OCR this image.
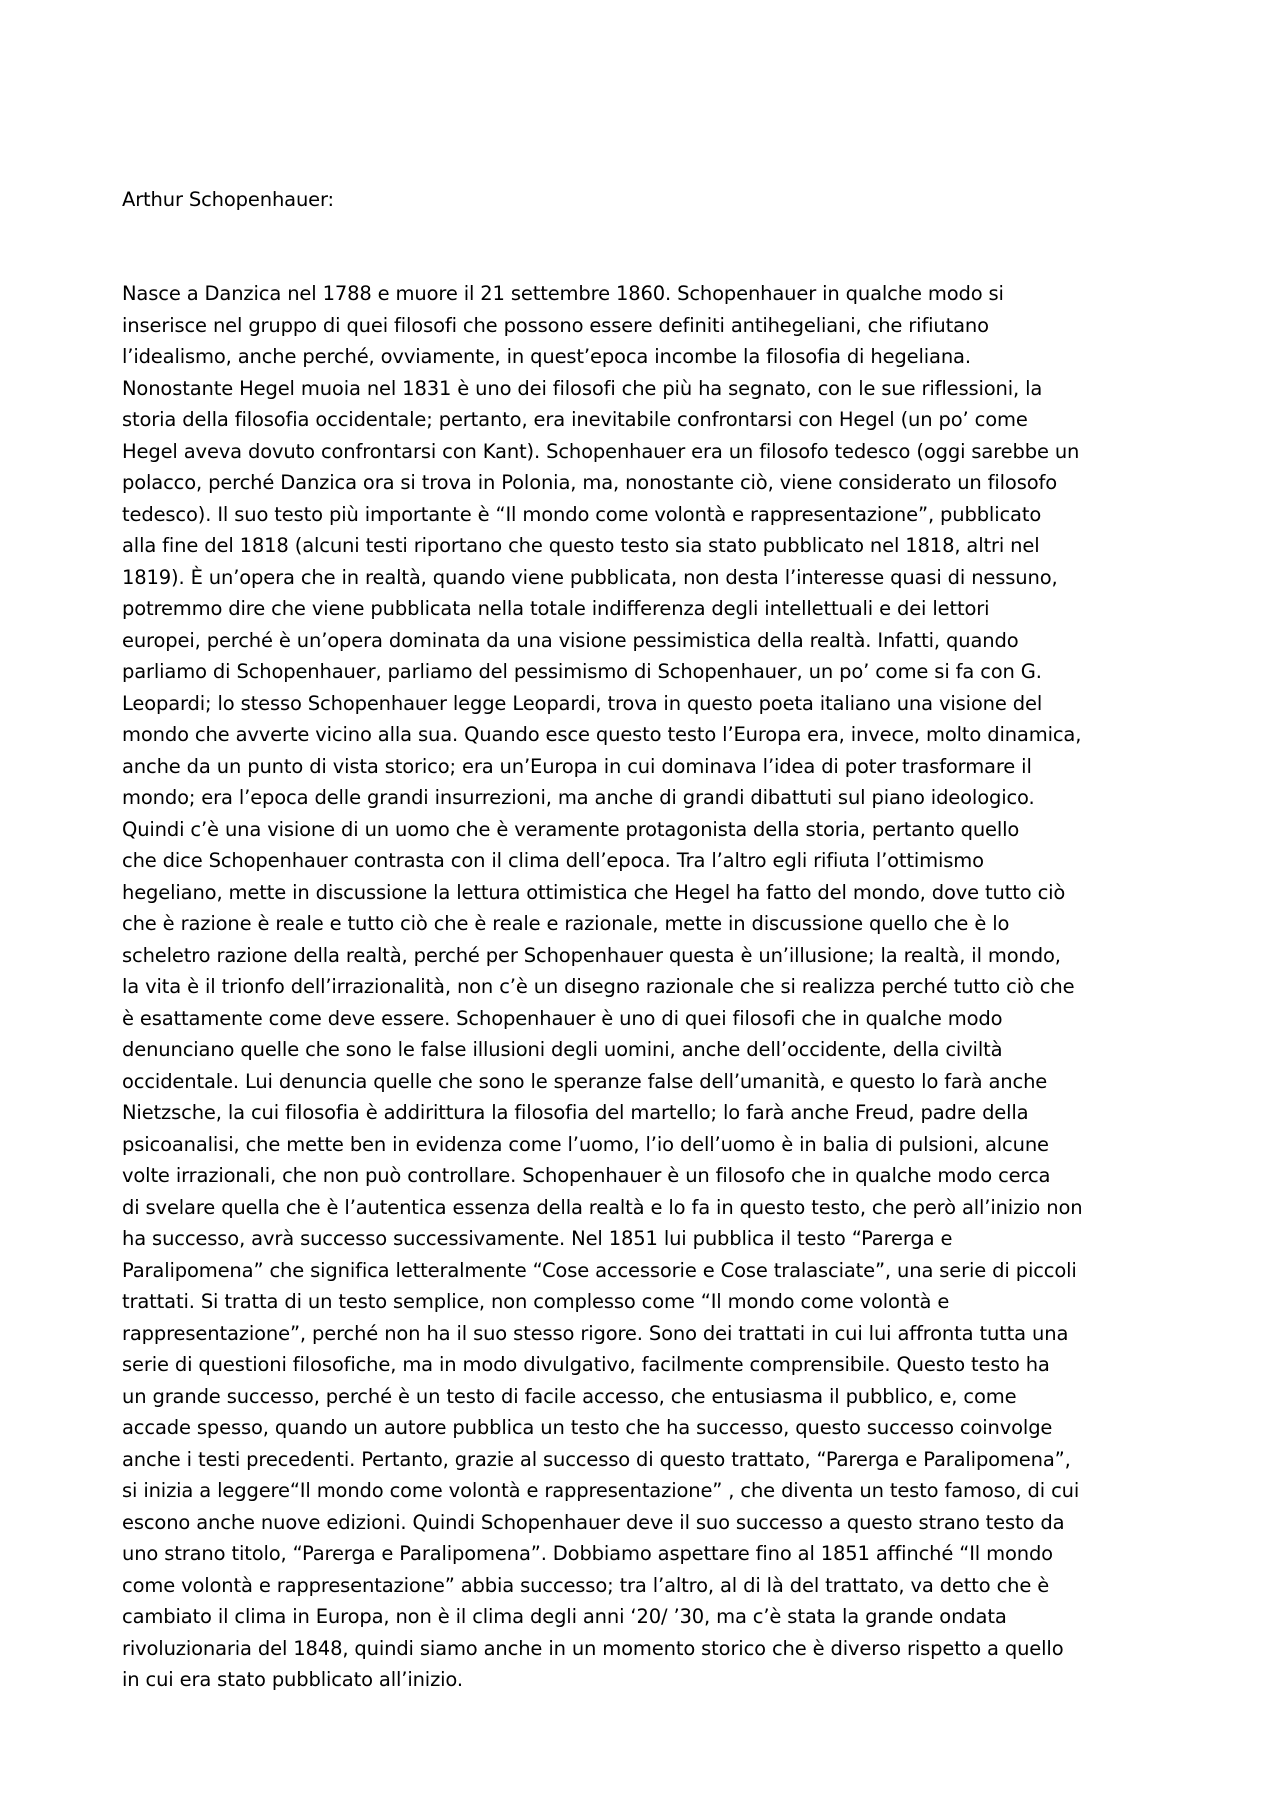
Arthur Schopenhauer:

Nasce a Danzica nel 1788 e muore il 21 settembre 1860. Schopenhauer in qualche modo si
inserisce nel gruppo di quei filosofi che possono essere definiti antihegeliani, che rifiutano
l’idealismo, anche perché, ovviamente, in quest’epoca incombe la filosofia di hegeliana.
Nonostante Hegel muoia nel 1831 è uno dei filosofi che più ha segnato, con le sue riflessioni, la
storia della filosofia occidentale; pertanto, era inevitabile confrontarsi con Hegel (un po’ come
Hegel aveva dovuto confrontarsi con Kant). Schopenhauer era un filosofo tedesco (oggi sarebbe un
polacco, perché Danzica ora si trova in Polonia, ma, nonostante ciò, viene considerato un filosofo
tedesco). Il suo testo più importante è “Il mondo come volontà e rappresentazione”, pubblicato
alla fine del 1818 (alcuni testi riportano che questo testo sia stato pubblicato nel 1818, altri nel
1819). È un’opera che in realtà, quando viene pubblicata, non desta l’interesse quasi di nessuno,
potremmo dire che viene pubblicata nella totale indifferenza degli intellettuali e dei lettori
europei, perché è un’opera dominata da una visione pessimistica della realtà. Infatti, quando
parliamo di Schopenhauer, parliamo del pessimismo di Schopenhauer, un po’ come si fa con G.
Leopardi; lo stesso Schopenhauer legge Leopardi, trova in questo poeta italiano una visione del
mondo che avverte vicino alla sua. Quando esce questo testo l’Europa era, invece, molto dinamica,
anche da un punto di vista storico; era un’Europa in cui dominava l’idea di poter trasformare il
mondo; era l’epoca delle grandi insurrezioni, ma anche di grandi dibattuti sul piano ideologico.
Quindi c’è una visione di un uomo che è veramente protagonista della storia, pertanto quello
che dice Schopenhauer contrasta con il clima dell’epoca. Tra l’altro egli rifiuta l’ottimismo
hegeliano, mette in discussione la lettura ottimistica che Hegel ha fatto del mondo, dove tutto ciò
che è razione è reale e tutto ciò che è reale e razionale, mette in discussione quello che è lo
scheletro razione della realtà, perché per Schopenhauer questa è un’illusione; la realtà, il mondo,
la vita è il trionfo dell’irrazionalità, non c’è un disegno razionale che si realizza perché tutto ciò che
è esattamente come deve essere. Schopenhauer è uno di quei filosofi che in qualche modo
denunciano quelle che sono le false illusioni degli uomini, anche dell’occidente, della civiltà
occidentale. Lui denuncia quelle che sono le speranze false dell’umanità, e questo lo farà anche
Nietzsche, la cui filosofia è addirittura la filosofia del martello; lo farà anche Freud, padre della
psicoanalisi, che mette ben in evidenza come l’uomo, l’io dell’uomo è in balia di pulsioni, alcune
volte irrazionali, che non può controllare. Schopenhauer è un filosofo che in qualche modo cerca
di svelare quella che è l’autentica essenza della realtà e lo fa in questo testo, che però all’inizio non
ha successo, avrà successo successivamente. Nel 1851 lui pubblica il testo “Parerga e
Paralipomena” che significa letteralmente “Cose accessorie e Cose tralasciate”, una serie di piccoli
trattati. Si tratta di un testo semplice, non complesso come “Il mondo come volontà e
rappresentazione”, perché non ha il suo stesso rigore. Sono dei trattati in cui lui affronta tutta una
serie di questioni filosofiche, ma in modo divulgativo, facilmente comprensibile. Questo testo ha
un grande successo, perché è un testo di facile accesso, che entusiasma il pubblico, e, come
accade spesso, quando un autore pubblica un testo che ha successo, questo successo coinvolge
anche i testi precedenti. Pertanto, grazie al successo di questo trattato, “Parerga e Paralipomena”,
si inizia a leggere“Il mondo come volontà e rappresentazione” , che diventa un testo famoso, di cui
escono anche nuove edizioni. Quindi Schopenhauer deve il suo successo a questo strano testo da
uno strano titolo, “Parerga e Paralipomena”. Dobbiamo aspettare fino al 1851 affinché “Il mondo
come volontà e rappresentazione” abbia successo; tra l’altro, al di là del trattato, va detto che è
cambiato il clima in Europa, non è il clima degli anni ‘20/ ’30, ma c’è stata la grande ondata
rivoluzionaria del 1848, quindi siamo anche in un momento storico che è diverso rispetto a quello
in cui era stato pubblicato all’inizio.
